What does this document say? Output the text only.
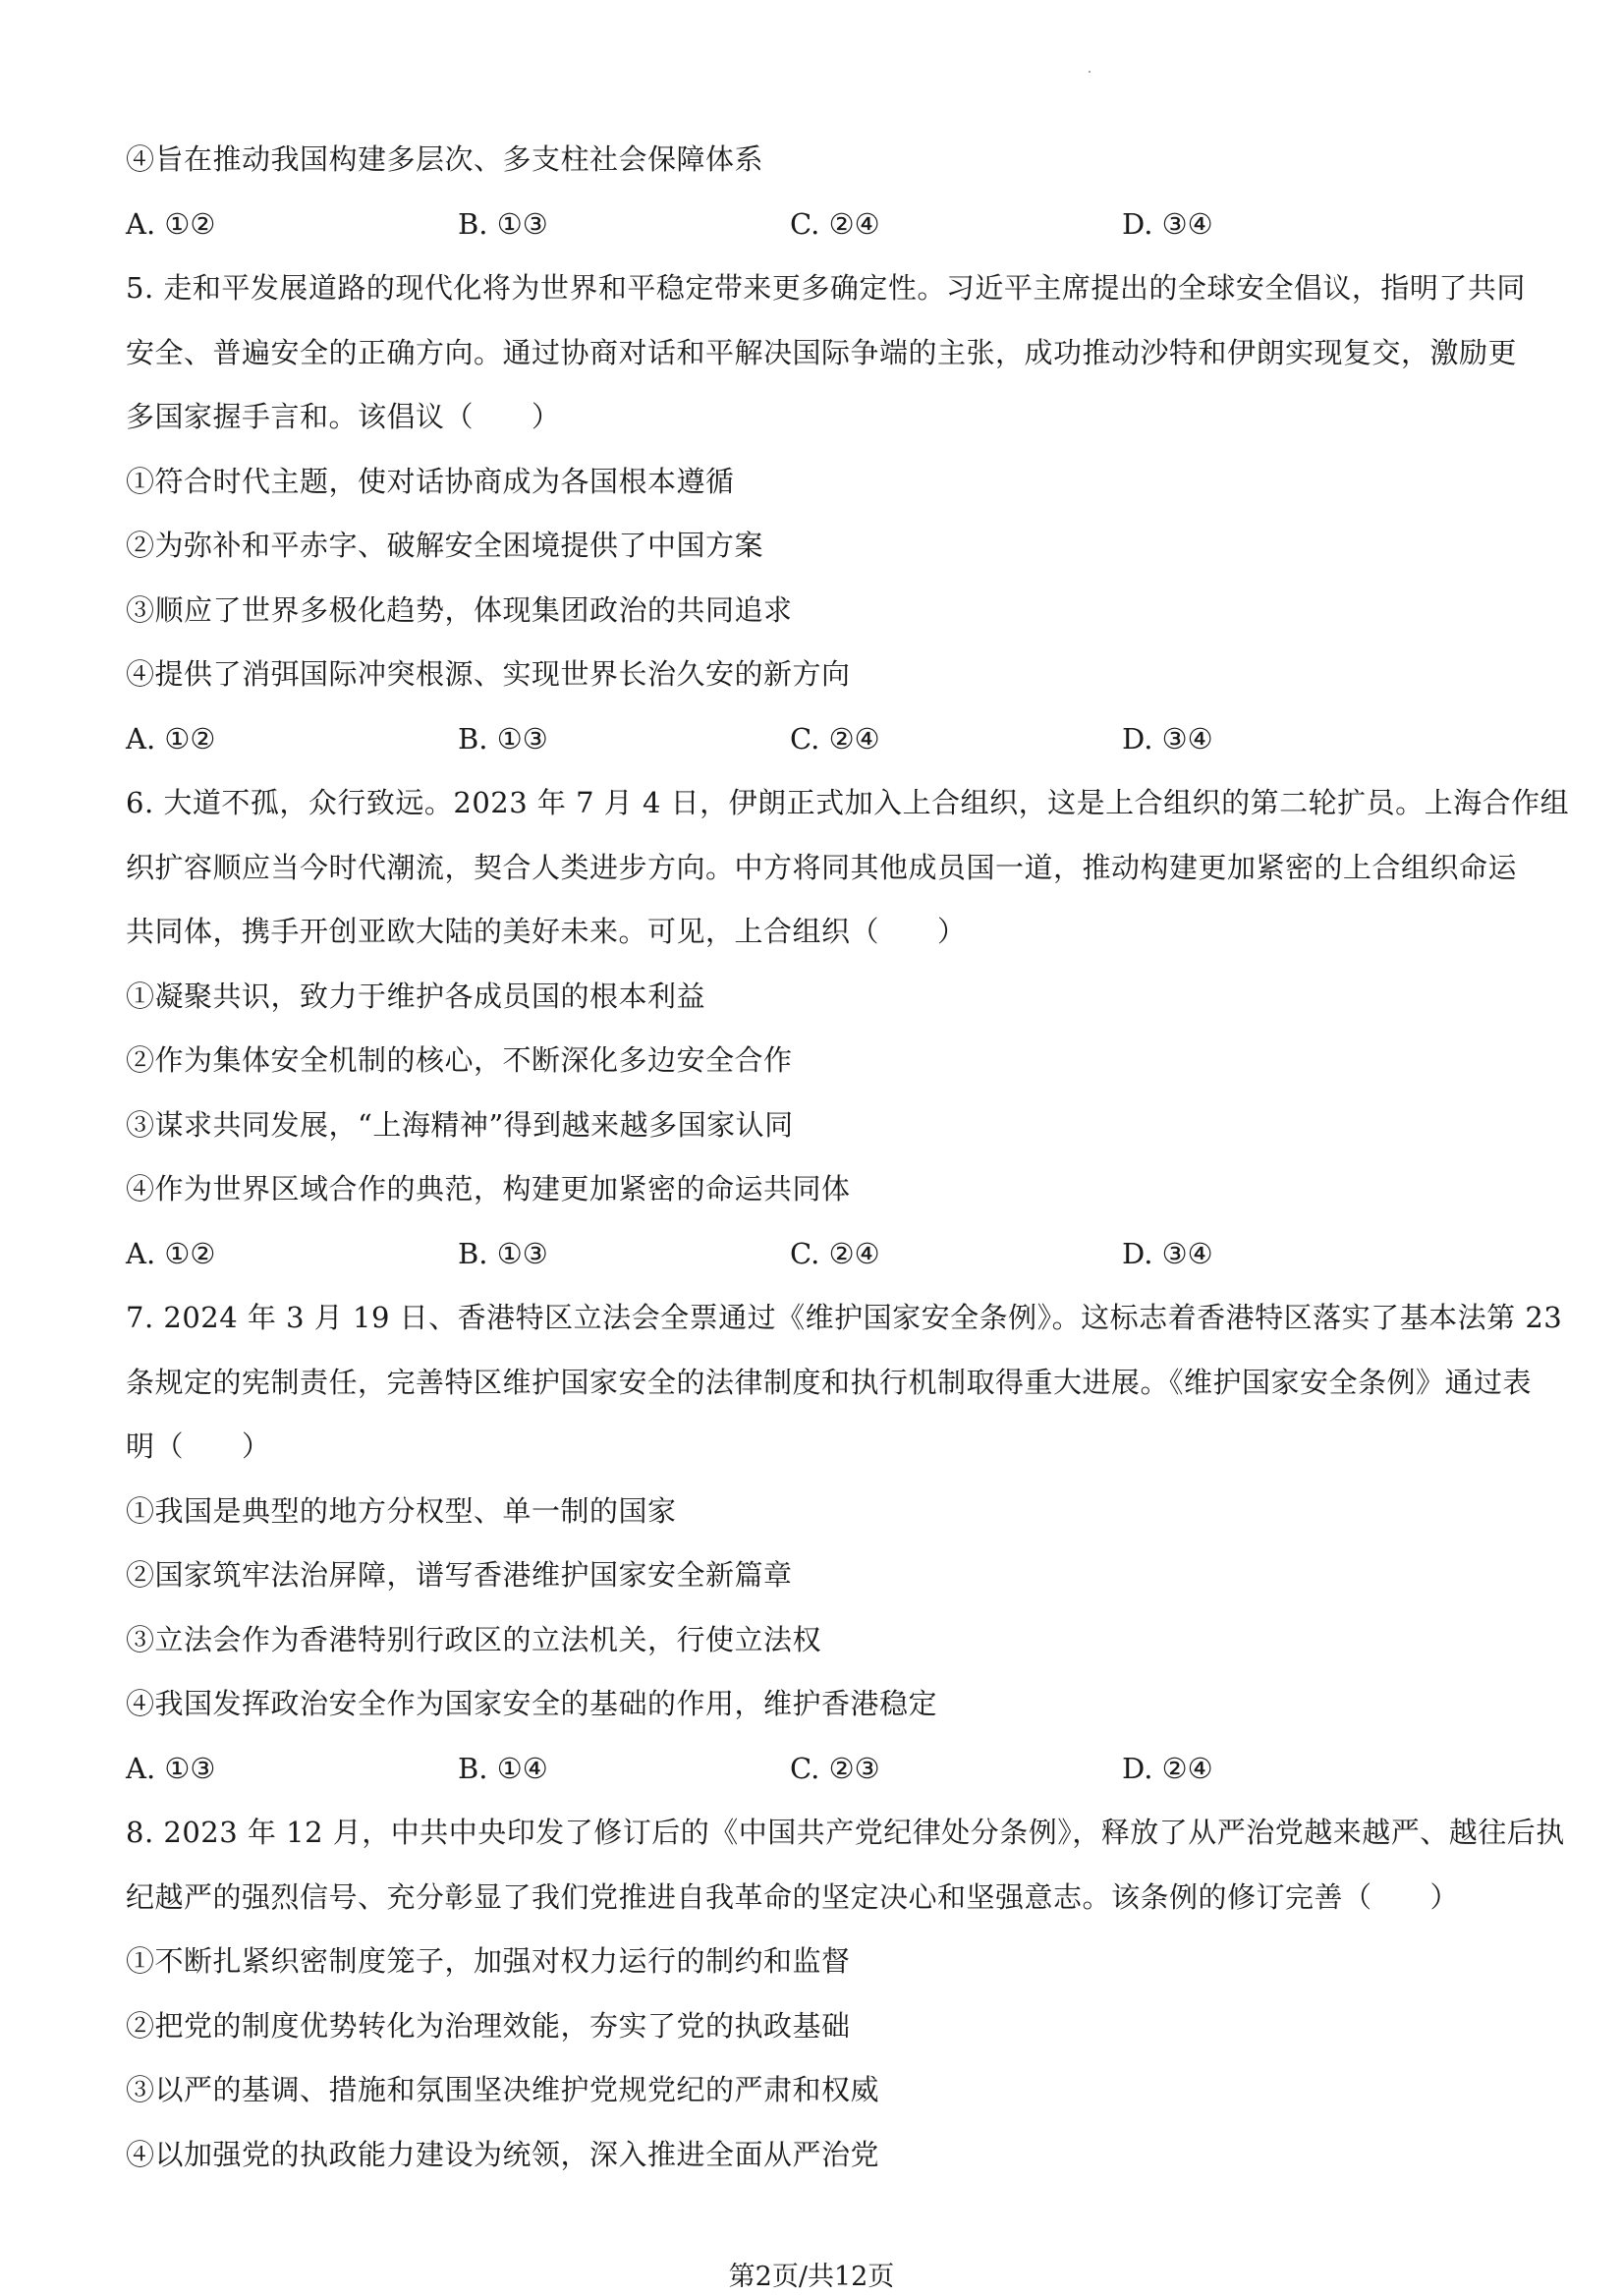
④旨在推动我国构建多层次、多支柱社会保障体系
A. ①②	B. ①③	C. ②④	D. ③④
5. 走和平发展道路的现代化将为世界和平稳定带来更多确定性。习近平主席提出的全球安全倡议，指明了共同
安全、普遍安全的正确方向。通过协商对话和平解决国际争端的主张，成功推动沙特和伊朗实现复交，激励更
多国家握手言和。该倡议（　　）
①符合时代主题，使对话协商成为各国根本遵循
②为弥补和平赤字、破解安全困境提供了中国方案
③顺应了世界多极化趋势，体现集团政治的共同追求
④提供了消弭国际冲突根源、实现世界长治久安的新方向
A. ①②	B. ①③	C. ②④	D. ③④
6. 大道不孤，众行致远。2023 年 7 月 4 日，伊朗正式加入上合组织，这是上合组织的第二轮扩员。上海合作组
织扩容顺应当今时代潮流，契合人类进步方向。中方将同其他成员国一道，推动构建更加紧密的上合组织命运
共同体，携手开创亚欧大陆的美好未来。可见，上合组织（　　）
①凝聚共识，致力于维护各成员国的根本利益
②作为集体安全机制的核心，不断深化多边安全合作
③谋求共同发展，“上海精神”得到越来越多国家认同
④作为世界区域合作的典范，构建更加紧密的命运共同体
A. ①②	B. ①③	C. ②④	D. ③④
7. 2024 年 3 月 19 日、香港特区立法会全票通过《维护国家安全条例》。这标志着香港特区落实了基本法第 23
条规定的宪制责任，完善特区维护国家安全的法律制度和执行机制取得重大进展。《维护国家安全条例》通过表
明（　　）
①我国是典型的地方分权型、单一制的国家
②国家筑牢法治屏障，谱写香港维护国家安全新篇章
③立法会作为香港特别行政区的立法机关，行使立法权
④我国发挥政治安全作为国家安全的基础的作用，维护香港稳定
A. ①③	B. ①④	C. ②③	D. ②④
8. 2023 年 12 月，中共中央印发了修订后的《中国共产党纪律处分条例》，释放了从严治党越来越严、越往后执
纪越严的强烈信号、充分彰显了我们党推进自我革命的坚定决心和坚强意志。该条例的修订完善（　　）
①不断扎紧织密制度笼子，加强对权力运行的制约和监督
②把党的制度优势转化为治理效能，夯实了党的执政基础
③以严的基调、措施和氛围坚决维护党规党纪的严肃和权威
④以加强党的执政能力建设为统领，深入推进全面从严治党
第2页/共12页
